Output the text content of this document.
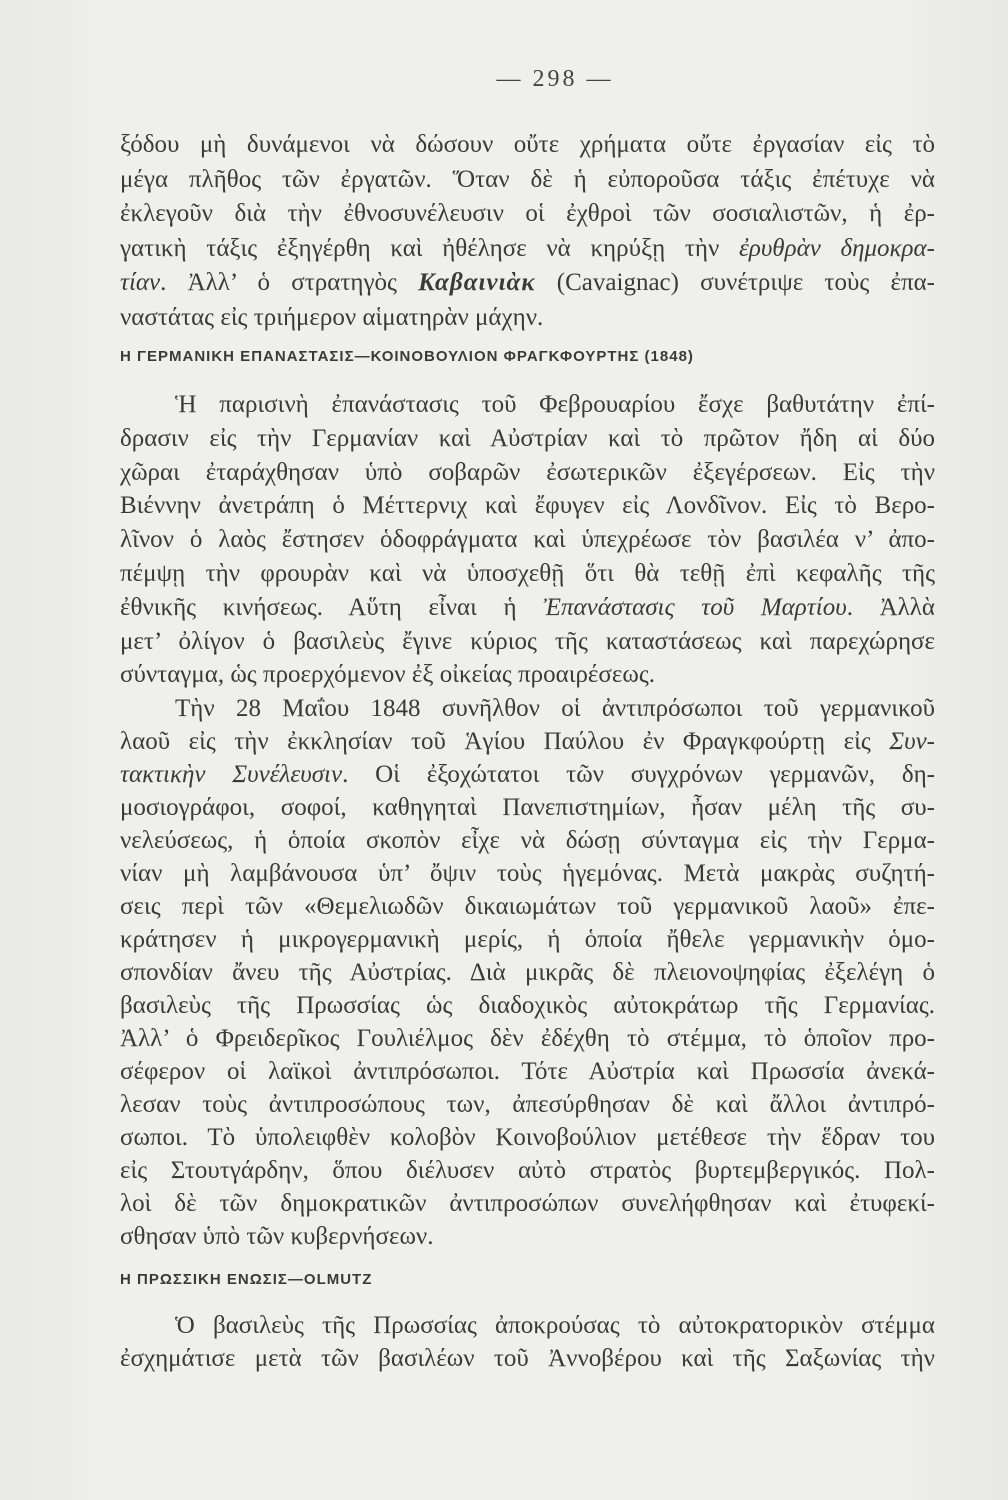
— 298 —
ξόδου μὴ δυνάμενοι νὰ δώσουν οὔτε χρήματα οὔτε ἐργασίαν εἰς τὸ
μέγα πλῆθος τῶν ἐργατῶν. Ὅταν δὲ ἡ εὐποροῦσα τάξις ἐπέτυχε νὰ
ἐκλεγοῦν διὰ τὴν ἐθνοσυνέλευσιν οἱ ἐχθροὶ τῶν σοσιαλιστῶν, ἡ ἐρ-
γατικὴ τάξις ἐξηγέρθη καὶ ἠθέλησε νὰ κηρύξῃ τὴν ἐρυθρὰν δημοκρα-
τίαν. Ἀλλ’ ὁ στρατηγὸς Καβαινιὰκ (Cavaignac) συνέτριψε τοὺς ἐπα-
ναστάτας εἰς τριήμερον αἱματηρὰν μάχην.
Η ΓΕΡΜΑΝΙΚΗ ΕΠΑΝΑΣΤΑΣΙΣ—ΚΟΙΝΟΒΟΥΛΙΟΝ ΦΡΑΓΚΦΟΥΡΤΗΣ (1848)
Ἡ παρισινὴ ἐπανάστασις τοῦ Φεβρουαρίου ἔσχε βαθυτάτην ἐπί-
δρασιν εἰς τὴν Γερμανίαν καὶ Αὐστρίαν καὶ τὸ πρῶτον ἤδη αἱ δύο
χῶραι ἐταράχθησαν ὑπὸ σοβαρῶν ἐσωτερικῶν ἐξεγέρσεων. Εἰς τὴν
Βιέννην ἀνετράπη ὁ Μέττερνιχ καὶ ἔφυγεν εἰς Λονδῖνον. Εἰς τὸ Βερο-
λῖνον ὁ λαὸς ἔστησεν ὁδοφράγματα καὶ ὑπεχρέωσε τὸν βασιλέα ν’ ἀπο-
πέμψῃ τὴν φρουρὰν καὶ νὰ ὑποσχεθῇ ὅτι θὰ τεθῇ ἐπὶ κεφαλῆς τῆς
ἐθνικῆς κινήσεως. Αὕτη εἶναι ἡ Ἐπανάστασις τοῦ Μαρτίου. Ἀλλὰ
μετ’ ὀλίγον ὁ βασιλεὺς ἔγινε κύριος τῆς καταστάσεως καὶ παρεχώρησε
σύνταγμα, ὡς προερχόμενον ἐξ οἰκείας προαιρέσεως.
Τὴν 28 Μαΐου 1848 συνῆλθον οἱ ἀντιπρόσωποι τοῦ γερμανικοῦ
λαοῦ εἰς τὴν ἐκκλησίαν τοῦ Ἁγίου Παύλου ἐν Φραγκφούρτῃ εἰς Συν-
τακτικὴν Συνέλευσιν. Οἱ ἐξοχώτατοι τῶν συγχρόνων γερμανῶν, δη-
μοσιογράφοι, σοφοί, καθηγηταὶ Πανεπιστημίων, ἦσαν μέλη τῆς συ-
νελεύσεως, ἡ ὁποία σκοπὸν εἶχε νὰ δώσῃ σύνταγμα εἰς τὴν Γερμα-
νίαν μὴ λαμβάνουσα ὑπ’ ὄψιν τοὺς ἡγεμόνας. Μετὰ μακρὰς συζητή-
σεις περὶ τῶν «Θεμελιωδῶν δικαιωμάτων τοῦ γερμανικοῦ λαοῦ» ἐπε-
κράτησεν ἡ μικρογερμανικὴ μερίς, ἡ ὁποία ἤθελε γερμανικὴν ὁμο-
σπονδίαν ἄνευ τῆς Αὐστρίας. Διὰ μικρᾶς δὲ πλειονοψηφίας ἐξελέγη ὁ
βασιλεὺς τῆς Πρωσσίας ὡς διαδοχικὸς αὐτοκράτωρ τῆς Γερμανίας.
Ἀλλ’ ὁ Φρειδερῖκος Γουλιέλμος δὲν ἐδέχθη τὸ στέμμα, τὸ ὁποῖον προ-
σέφερον οἱ λαϊκοὶ ἀντιπρόσωποι. Τότε Αὐστρία καὶ Πρωσσία ἀνεκά-
λεσαν τοὺς ἀντιπροσώπους των, ἀπεσύρθησαν δὲ καὶ ἄλλοι ἀντιπρό-
σωποι. Τὸ ὑπολειφθὲν κολοβὸν Κοινοβούλιον μετέθεσε τὴν ἕδραν του
εἰς Στουτγάρδην, ὅπου διέλυσεν αὐτὸ στρατὸς βυρτεμβεργικός. Πολ-
λοὶ δὲ τῶν δημοκρατικῶν ἀντιπροσώπων συνελήφθησαν καὶ ἐτυφεκί-
σθησαν ὑπὸ τῶν κυβερνήσεων.
Η ΠΡΩΣΣΙΚΗ ΕΝΩΣΙΣ—OLMUTZ
Ὁ βασιλεὺς τῆς Πρωσσίας ἀποκρούσας τὸ αὐτοκρατορικὸν στέμμα
ἐσχημάτισε μετὰ τῶν βασιλέων τοῦ Ἀννοβέρου καὶ τῆς Σαξωνίας τὴν
